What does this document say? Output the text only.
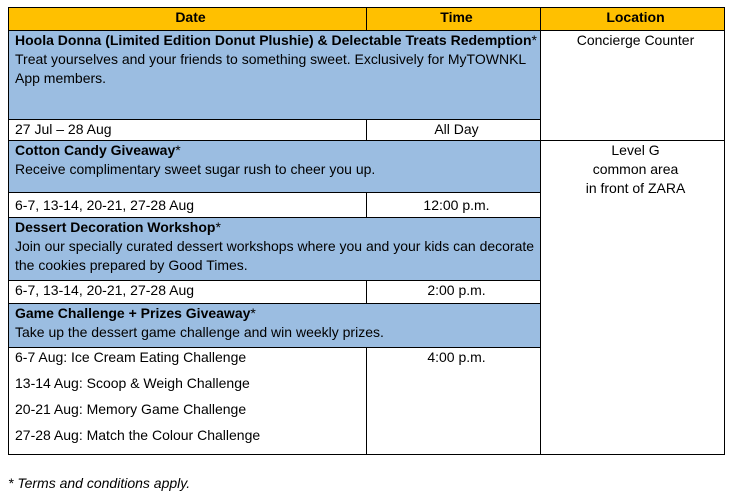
Date	Time	Location
Hoola Donna (Limited Edition Donut Plushie) & Delectable Treats Redemption*
Treat yourselves and your friends to something sweet. Exclusively for MyTOWNKL App members.		Concierge Counter
27 Jul – 28 Aug	All Day	
Cotton Candy Giveaway*
Receive complimentary sweet sugar rush to cheer you up.		Level G
common area
in front of ZARA
6-7, 13-14, 20-21, 27-28 Aug	12:00 p.m.	
Dessert Decoration Workshop*
Join our specially curated dessert workshops where you and your kids can decorate the cookies prepared by Good Times.		
6-7, 13-14, 20-21, 27-28 Aug	2:00 p.m.	
Game Challenge + Prizes Giveaway*
Take up the dessert game challenge and win weekly prizes.		

6-7 Aug: Ice Cream Eating Challenge
13-14 Aug: Scoop & Weigh Challenge
20-21 Aug: Memory Game Challenge
27-28 Aug: Match the Colour Challenge	4:00 p.m.	
* Terms and conditions apply.
